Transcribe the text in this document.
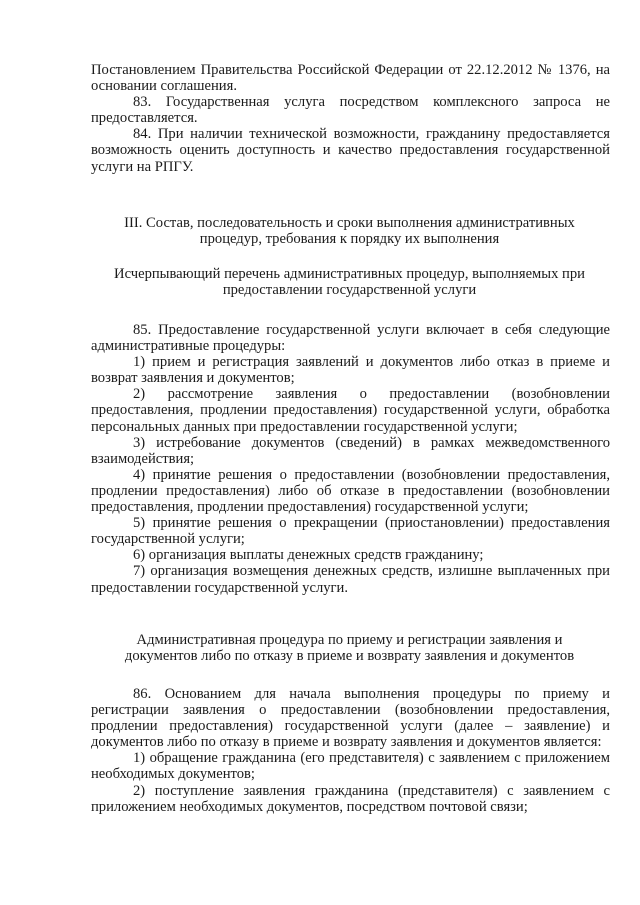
Постановлением Правительства Российской Федерации от 22.12.2012 № 1376, на основании соглашения.

83. Государственная услуга посредством комплексного запроса не предоставляется.

84. При наличии технической возможности, гражданину предоставляется возможность оценить доступность и качество предоставления государственной услуги на РПГУ.

III. Состав, последовательность и сроки выполнения административных процедур, требования к порядку их выполнения

Исчерпывающий перечень административных процедур, выполняемых при предоставлении государственной услуги

85. Предоставление государственной услуги включает в себя следующие административные процедуры:

1) прием и регистрация заявлений и документов либо отказ в приеме и возврат заявления и документов;

2) рассмотрение заявления о предоставлении (возобновлении предоставления, продлении предоставления) государственной услуги, обработка персональных данных при предоставлении государственной услуги;

3) истребование документов (сведений) в рамках межведомственного взаимодействия;

4) принятие решения о предоставлении (возобновлении предоставления, продлении предоставления) либо об отказе в предоставлении (возобновлении предоставления, продлении предоставления) государственной услуги;

5) принятие решения о прекращении (приостановлении) предоставления государственной услуги;

6) организация выплаты денежных средств гражданину;

7) организация возмещения денежных средств, излишне выплаченных при предоставлении государственной услуги.

Административная процедура по приему и регистрации заявления и документов либо по отказу в приеме и возврату заявления и документов

86. Основанием для начала выполнения процедуры по приему и регистрации заявления о предоставлении (возобновлении предоставления, продлении предоставления) государственной услуги (далее – заявление) и документов либо по отказу в приеме и возврату заявления и документов является:

1) обращение гражданина (его представителя) с заявлением с приложением необходимых документов;

2) поступление заявления гражданина (представителя) с заявлением с приложением необходимых документов, посредством почтовой связи;
